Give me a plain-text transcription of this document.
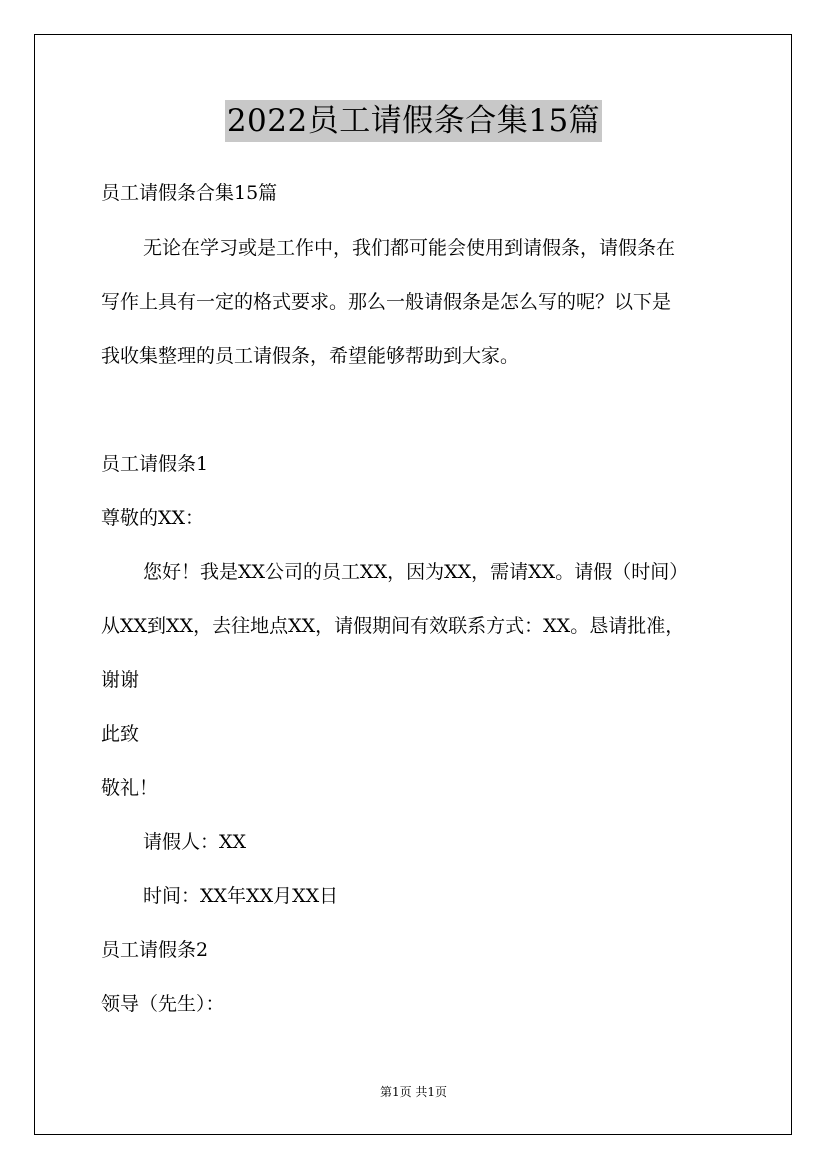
2022员工请假条合集15篇
员工请假条合集15篇
无论在学习或是工作中，我们都可能会使用到请假条，请假条在
写作上具有一定的格式要求。那么一般请假条是怎么写的呢？以下是
我收集整理的员工请假条，希望能够帮助到大家。
员工请假条1
尊敬的XX：
您好！我是XX公司的员工XX，因为XX，需请XX。请假（时间）
从XX到XX，去往地点XX，请假期间有效联系方式：XX。恳请批准，
谢谢
此致
敬礼！
请假人：XX
时间：XX年XX月XX日
员工请假条2
领导（先生）：
第1页 共1页
